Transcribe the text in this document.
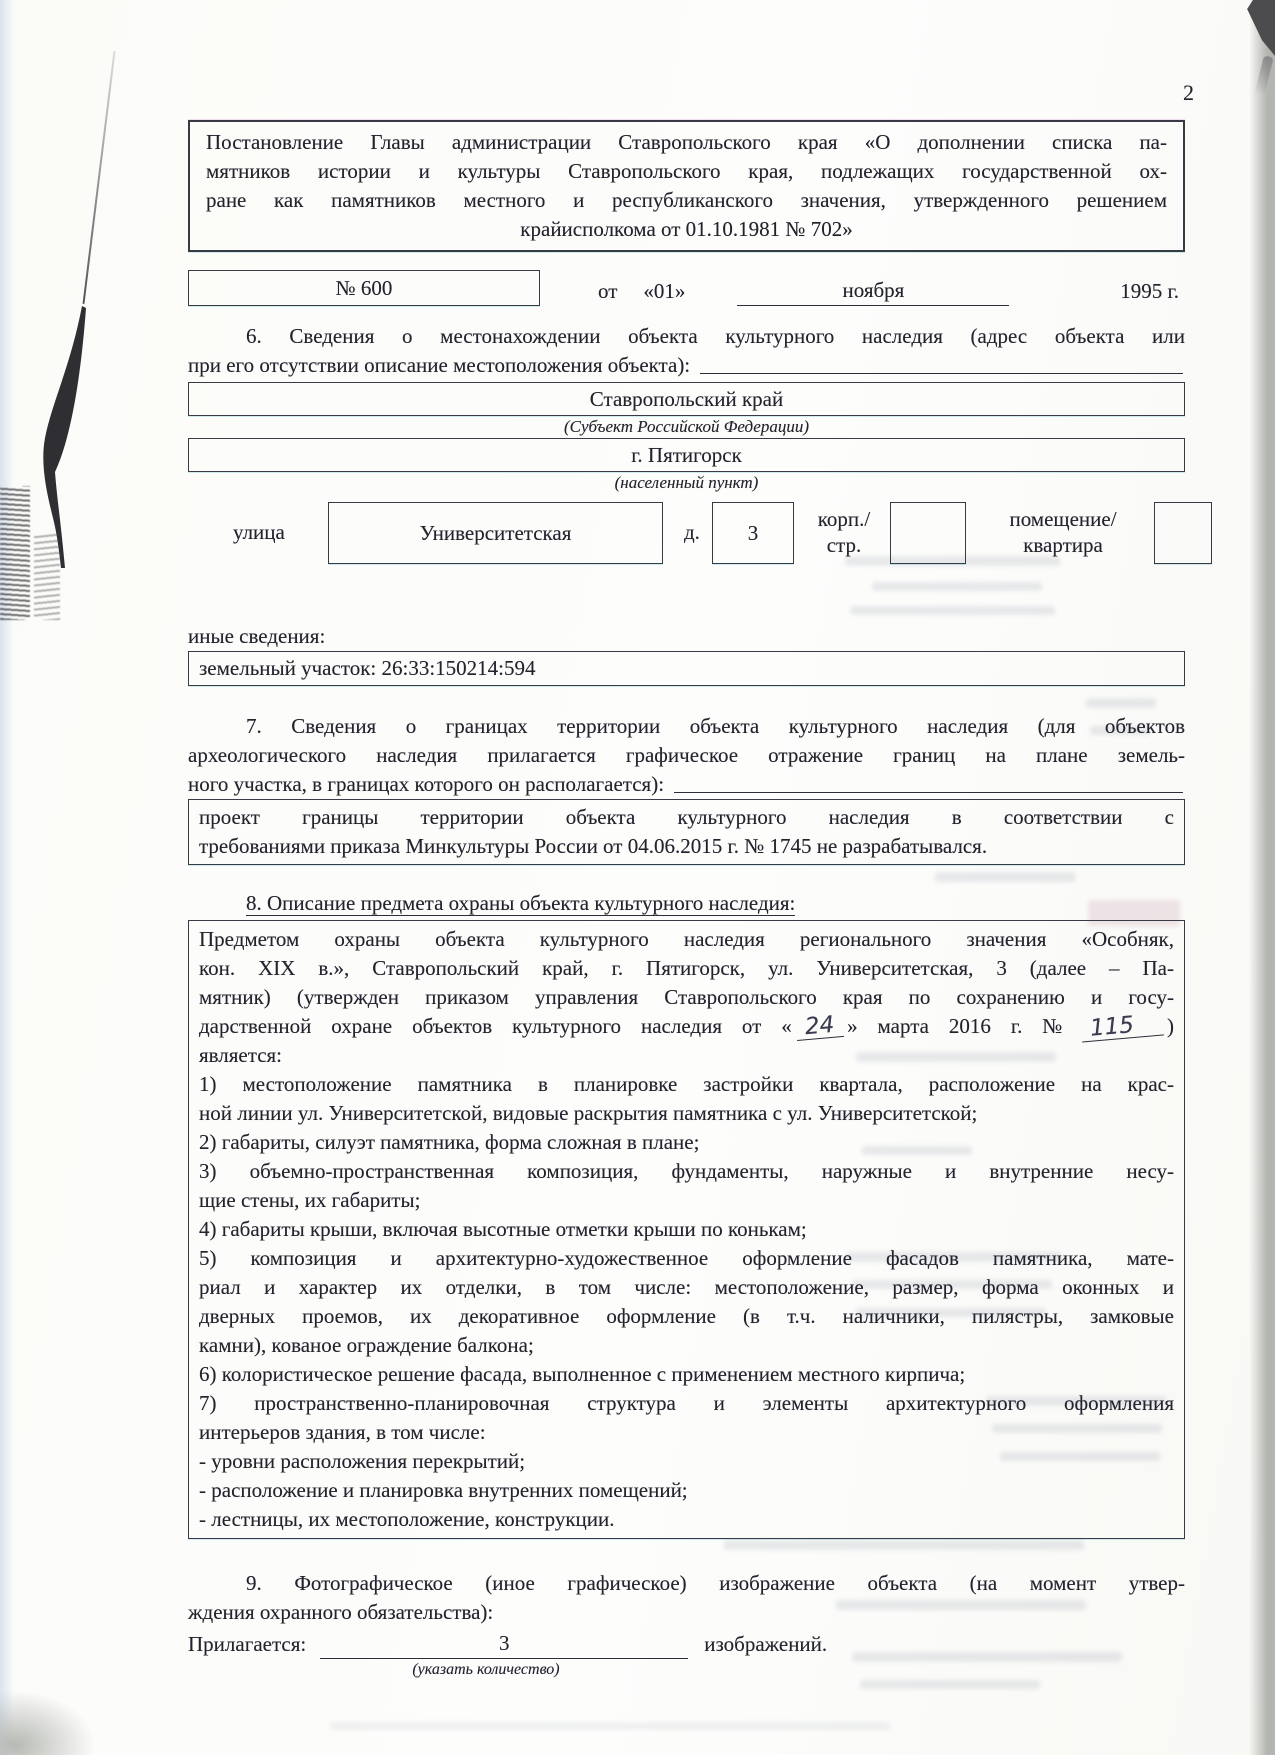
2
Постановление Главы администрации Ставропольского края «О дополнении списка па-
мятников истории и культуры Ставропольского края, подлежащих государственной ох-
ране как памятников местного и республиканского значения, утвержденного решением
крайисполкома от 01.10.1981 № 702»
№ 600	от «01»	ноября	1995 г.
6. Сведения о местонахождении объекта культурного наследия (адрес объекта или
при его отсутствии описание местоположения объекта):
Ставропольский край
(Субъект Российской Федерации)
г. Пятигорск
(населенный пункт)
улица	Университетская	д.	3
корп./
стр.
помещение/
квартира
иные сведения:
земельный участок: 26:33:150214:594
7. Сведения о границах территории объекта культурного наследия (для объектов
археологического наследия прилагается графическое отражение границ на плане земель-
ного участка, в границах которого он располагается):
проект границы территории объекта культурного наследия в соответствии с
требованиями приказа Минкультуры России от 04.06.2015 г. № 1745 не разрабатывался.
8. Описание предмета охраны объекта культурного наследия:
Предметом охраны объекта культурного наследия регионального значения «Особняк,
кон. XIX в.», Ставропольский край, г. Пятигорск, ул. Университетская, 3 (далее – Па-
мятник) (утвержден приказом управления Ставропольского края по сохранению и госу-
дарственной охране объектов культурного наследия от « 24 » марта 2016 г. № 115 )
является:
1) местоположение памятника в планировке застройки квартала, расположение на крас-
ной линии ул. Университетской, видовые раскрытия памятника с ул. Университетской;
2) габариты, силуэт памятника, форма сложная в плане;
3) объемно-пространственная композиция, фундаменты, наружные и внутренние несу-
щие стены, их габариты;
4) габариты крыши, включая высотные отметки крыши по конькам;
5) композиция и архитектурно-художественное оформление фасадов памятника, мате-
риал и характер их отделки, в том числе: местоположение, размер, форма оконных и
дверных проемов, их декоративное оформление (в т.ч. наличники, пилястры, замковые
камни), кованое ограждение балкона;
6) колористическое решение фасада, выполненное с применением местного кирпича;
7) пространственно-планировочная структура и элементы архитектурного оформления
интерьеров здания, в том числе:
- уровни расположения перекрытий;
- расположение и планировка внутренних помещений;
- лестницы, их местоположение, конструкции.
9. Фотографическое (иное графическое) изображение объекта (на момент утвер-
ждения охранного обязательства):
Прилагается:	3	изображений.
(указать количество)
